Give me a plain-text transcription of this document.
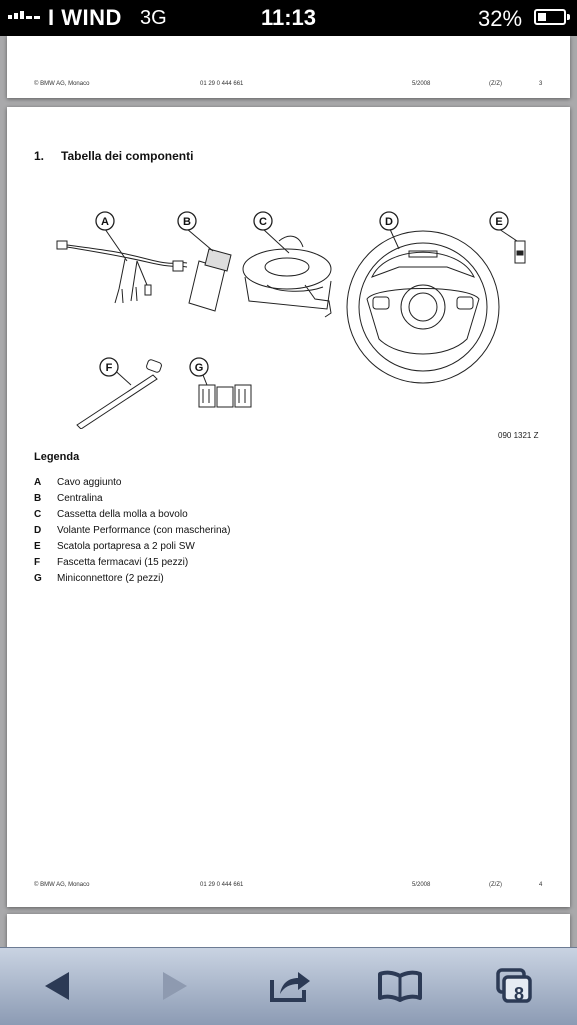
I WIND 3G	11:13	32%
© BMW AG, Monaco	01 29 0 444 661	5/2008	(Z/Z)	3
1. Tabella dei componenti
A	B	C	D	E
F	G
090 1321 Z
Legenda
A	Cavo aggiunto
B	Centralina
C	Cassetta della molla a bovolo
D	Volante Performance (con mascherina)
E	Scatola portapresa a 2 poli SW
F	Fascetta fermacavi (15 pezzi)
G	Miniconnettore (2 pezzi)
© BMW AG, Monaco	01 29 0 444 661	5/2008	(Z/Z)	4
8
